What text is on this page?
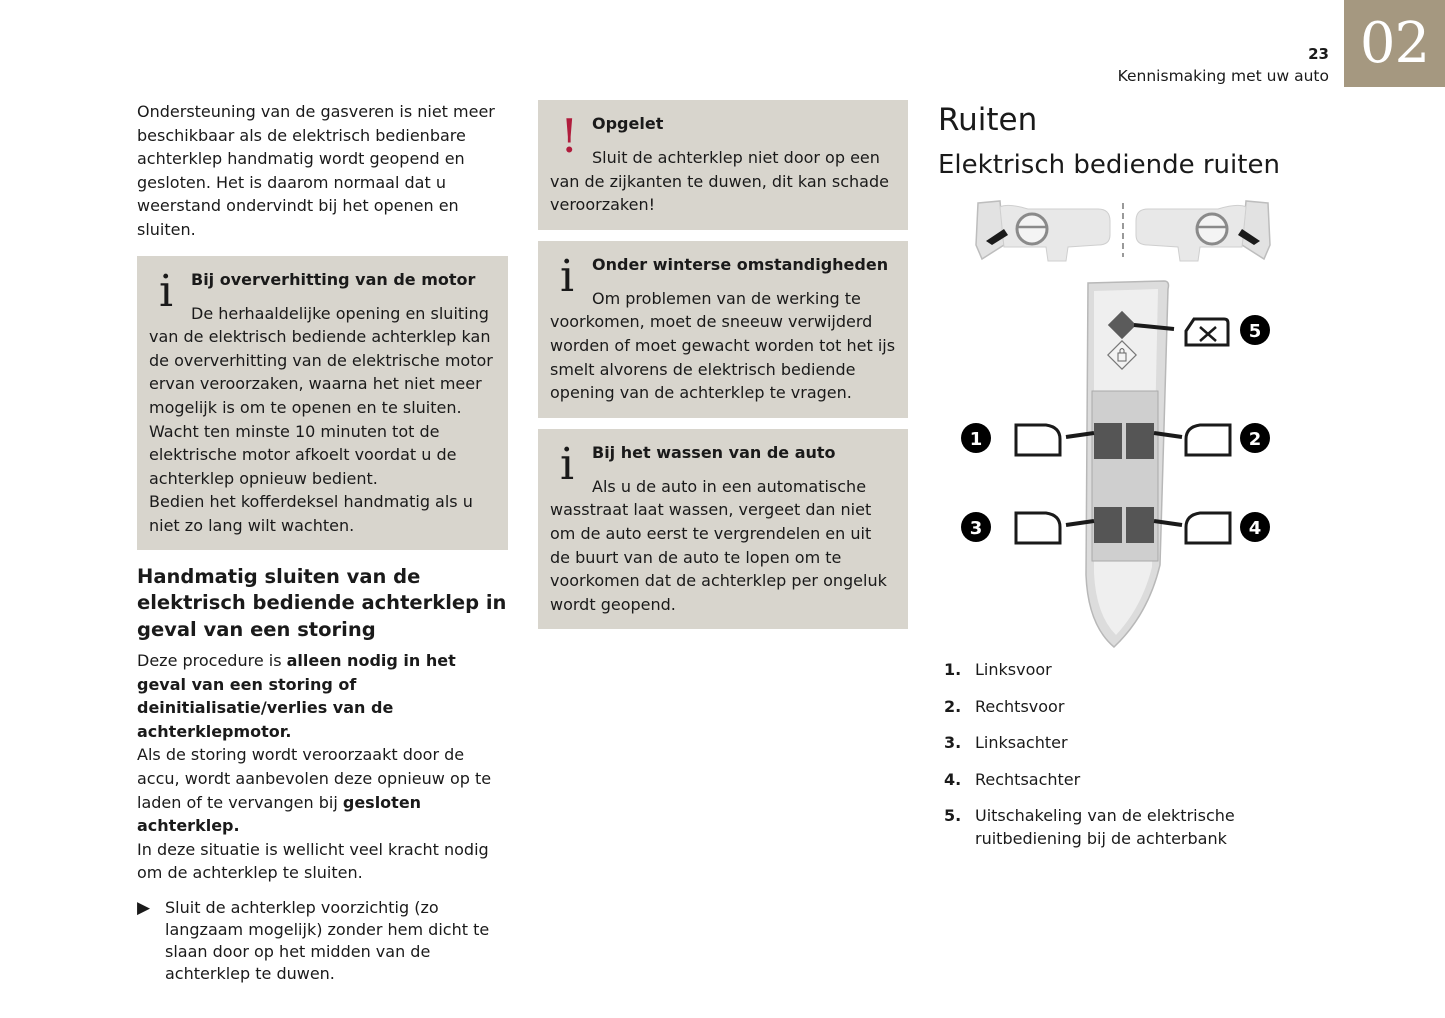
02
23
Kennismaking met uw auto

Ondersteuning van de gasveren is niet meer beschikbaar als de elektrisch bedienbare achterklep handmatig wordt geopend en gesloten. Het is daarom normaal dat u weerstand ondervindt bij het openen en sluiten.

i Bij oververhitting van de motor
De herhaaldelijke opening en sluiting
van de elektrisch bediende achterklep kan de oververhitting van de elektrische motor ervan veroorzaken, waarna het niet meer mogelijk is om te openen en te sluiten. Wacht ten minste 10 minuten tot de elektrische motor afkoelt voordat u de achterklep opnieuw bedient.
Bedien het kofferdeksel handmatig als u niet zo lang wilt wachten.
Handmatig sluiten van de elektrisch bediende achterklep in geval van een storing

Deze procedure is alleen nodig in het geval van een storing of deinitialisatie/verlies van de achterklepmotor.

Als de storing wordt veroorzaakt door de accu, wordt aanbevolen deze opnieuw op te laden of te vervangen bij gesloten achterklep.

In deze situatie is wellicht veel kracht nodig om de achterklep te sluiten.

▶ Sluit de achterklep voorzichtig (zo langzaam mogelijk) zonder hem dicht te slaan door op het midden van de achterklep te duwen.
! Opgelet
Sluit de achterklep niet door op een
van de zijkanten te duwen, dit kan schade veroorzaken!
i Onder winterse omstandigheden
Om problemen van de werking te
voorkomen, moet de sneeuw verwijderd worden of moet gewacht worden tot het ijs smelt alvorens de elektrisch bediende opening van de achterklep te vragen.
i Bij het wassen van de auto
Als u de auto in een automatische
wasstraat laat wassen, vergeet dan niet om de auto eerst te vergrendelen en uit de buurt van de auto te lopen om te voorkomen dat de achterklep per ongeluk wordt geopend.
Ruiten
Elektrisch bediende ruiten
1	2
3	4
5
1. Linksvoor
2. Rechtsvoor
3. Linksachter
4. Rechtsachter
5. Uitschakeling van de elektrische ruitbediening bij de achterbank
